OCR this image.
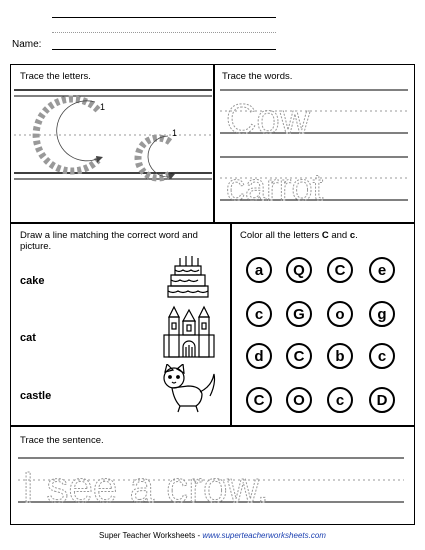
Name:
Trace the letters.
1
1
Trace the words.
Cow
carrot
Draw a line matching the correct word and picture.
cake
cat
castle
Color all the letters C and c.
a	Q	C	e
c	G	o	g
d	C	b	c
C	O	c	D
Trace the sentence.
I see a crow.
Super Teacher Worksheets - www.superteacherworksheets.com
